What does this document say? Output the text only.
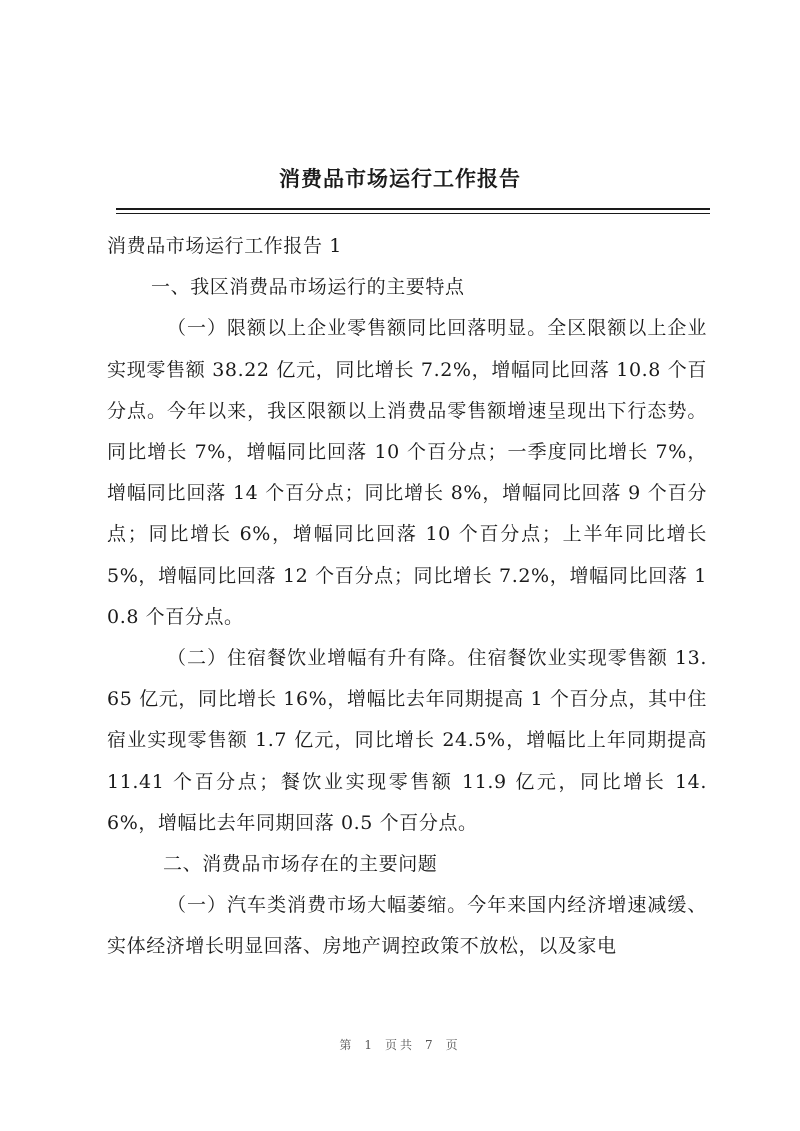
消费品市场运行工作报告

消费品市场运行工作报告 1

一、我区消费品市场运行的主要特点

（一）限额以上企业零售额同比回落明显。全区限额以上企业实现零售额 38.22 亿元，同比增长 7.2%，增幅同比回落 10.8 个百分点。今年以来，我区限额以上消费品零售额增速呈现出下行态势。同比增长 7%，增幅同比回落 10 个百分点；一季度同比增长 7%，增幅同比回落 14 个百分点；同比增长 8%，增幅同比回落 9 个百分点；同比增长 6%，增幅同比回落 10 个百分点；上半年同比增长 5%，增幅同比回落 12 个百分点；同比增长 7.2%，增幅同比回落 10.8 个百分点。

（二）住宿餐饮业增幅有升有降。住宿餐饮业实现零售额 13.65 亿元，同比增长 16%，增幅比去年同期提高 1 个百分点，其中住宿业实现零售额 1.7 亿元，同比增长 24.5%，增幅比上年同期提高 11.41 个百分点；餐饮业实现零售额 11.9 亿元，同比增长 14.6%，增幅比去年同期回落 0.5 个百分点。

二、消费品市场存在的主要问题

（一）汽车类消费市场大幅萎缩。今年来国内经济增速减缓、实体经济增长明显回落、房地产调控政策不放松，以及家电

第 1 页共 7 页
